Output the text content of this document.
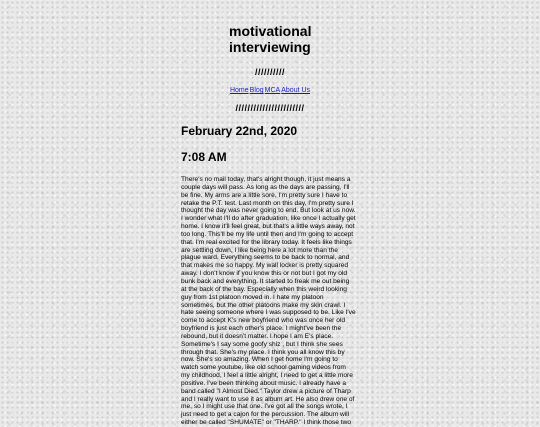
motivational interviewing
//////////
HomeBlogMCAAbout Us
///////////////////////
February 22nd, 2020
7:08 AM
There's no mail today, that's alright though, it just means a couple days will pass. As long as the days are passing, I'll be fine. My arms are a little sore, I'm pretty sure I have to retake the P.T. test. Last month on this day, I'm pretty sure I thought the day was never going to end. But look at us now. I wonder what I'll do after graduation, like once I actually get home. I know it'll feel great, but that's a little ways away, not too long. This'll be my life until then and I'm going to accept that. I'm real excited for the library today. It feels like things are settling down, I like being here a lot more than the plague ward. Everything seems to be back to normal, and that makes me so happy. My wall locker is pretty squared away. I don't know if you know this or not but I got my old bunk back and everything. It started to freak me out being at the back of the bay. Especially when this weird looking guy from 1st platoon moved in. I hate my platoon sometimes, but the other platoons make my skin crawl. I hate seeing someone where I was supposed to be. Like I've come to accept K's new boyfriend who was once her old boyfriend is just each other's place. I might've been the rebound, but it doesn't matter. I hope I am E's place. Sometime's I say some goofy shiz , but I think she sees through that. She's my place. I think you all know this by now. She's so amazing. When I get home I'm going to watch some youtube, like old school gaming videos from my childhood, I feel a little alright, I need to get a little more positive. I've been thinking about music. I already have a band called "I Almost Died." Taylor drew a picture of Tharp and I really want to use it as album art. He also drew one of me, so I might use that one. I've got all the songs wrote, I just need to get a cajon for the percussion. The album will either be called "SHUMATE" or "THARP." I think those two
